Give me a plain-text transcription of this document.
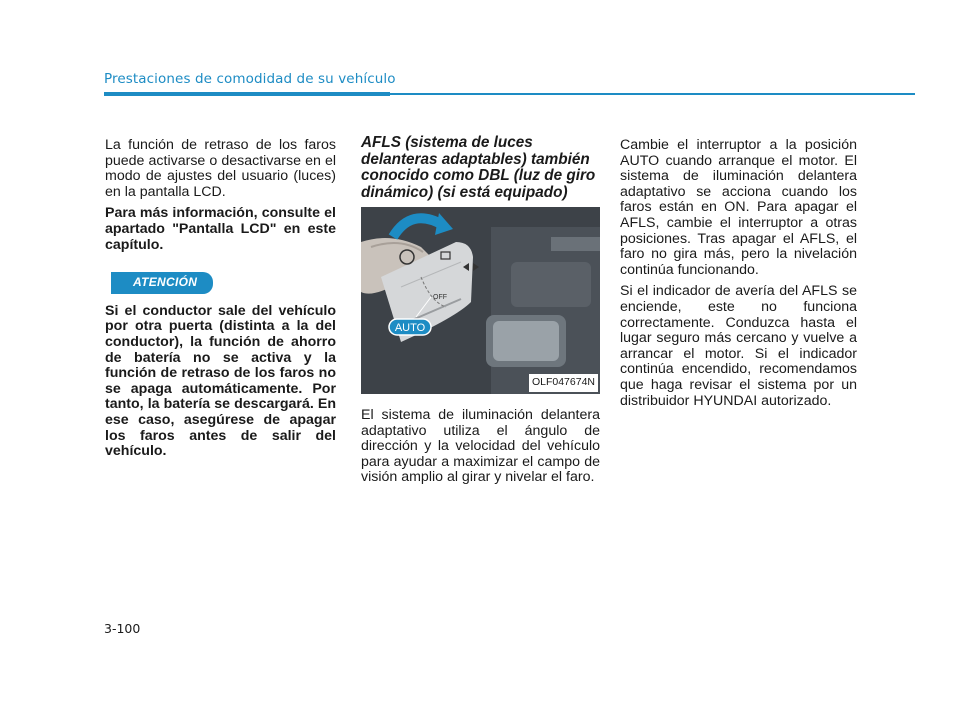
Prestaciones de comodidad de su vehículo

La función de retraso de los faros puede activarse o desactivarse en el modo de ajustes del usuario (luces) en la pantalla LCD.

Para más información, consulte el apartado "Pantalla LCD" en este capítulo.

ATENCIÓN

Si el conductor sale del vehículo por otra puerta (distinta a la del conductor), la función de ahorro de batería no se activa y la función de retraso de los faros no se apaga automáticamente. Por tanto, la batería se descargará. En ese caso, asegúrese de apagar los faros antes de salir del vehículo.

AFLS (sistema de luces delanteras adaptables) también conocido como DBL (luz de giro dinámico) (si está equipado)

OFF
AUTO
OLF047674N

El sistema de iluminación delantera adaptativo utiliza el ángulo de dirección y la velocidad del vehículo para ayudar a maximizar el campo de visión amplio al girar y nivelar el faro.

Cambie el interruptor a la posición AUTO cuando arranque el motor. El sistema de iluminación delantera adaptativo se acciona cuando los faros están en ON. Para apagar el AFLS, cambie el interruptor a otras posiciones. Tras apagar el AFLS, el faro no gira más, pero la nivelación continúa funcionando.

Si el indicador de avería del AFLS se enciende, este no funciona correctamente. Conduzca hasta el lugar seguro más cercano y vuelve a arrancar el motor. Si el indicador continúa encendido, recomendamos que haga revisar el sistema por un distribuidor HYUNDAI autorizado.

3-100
